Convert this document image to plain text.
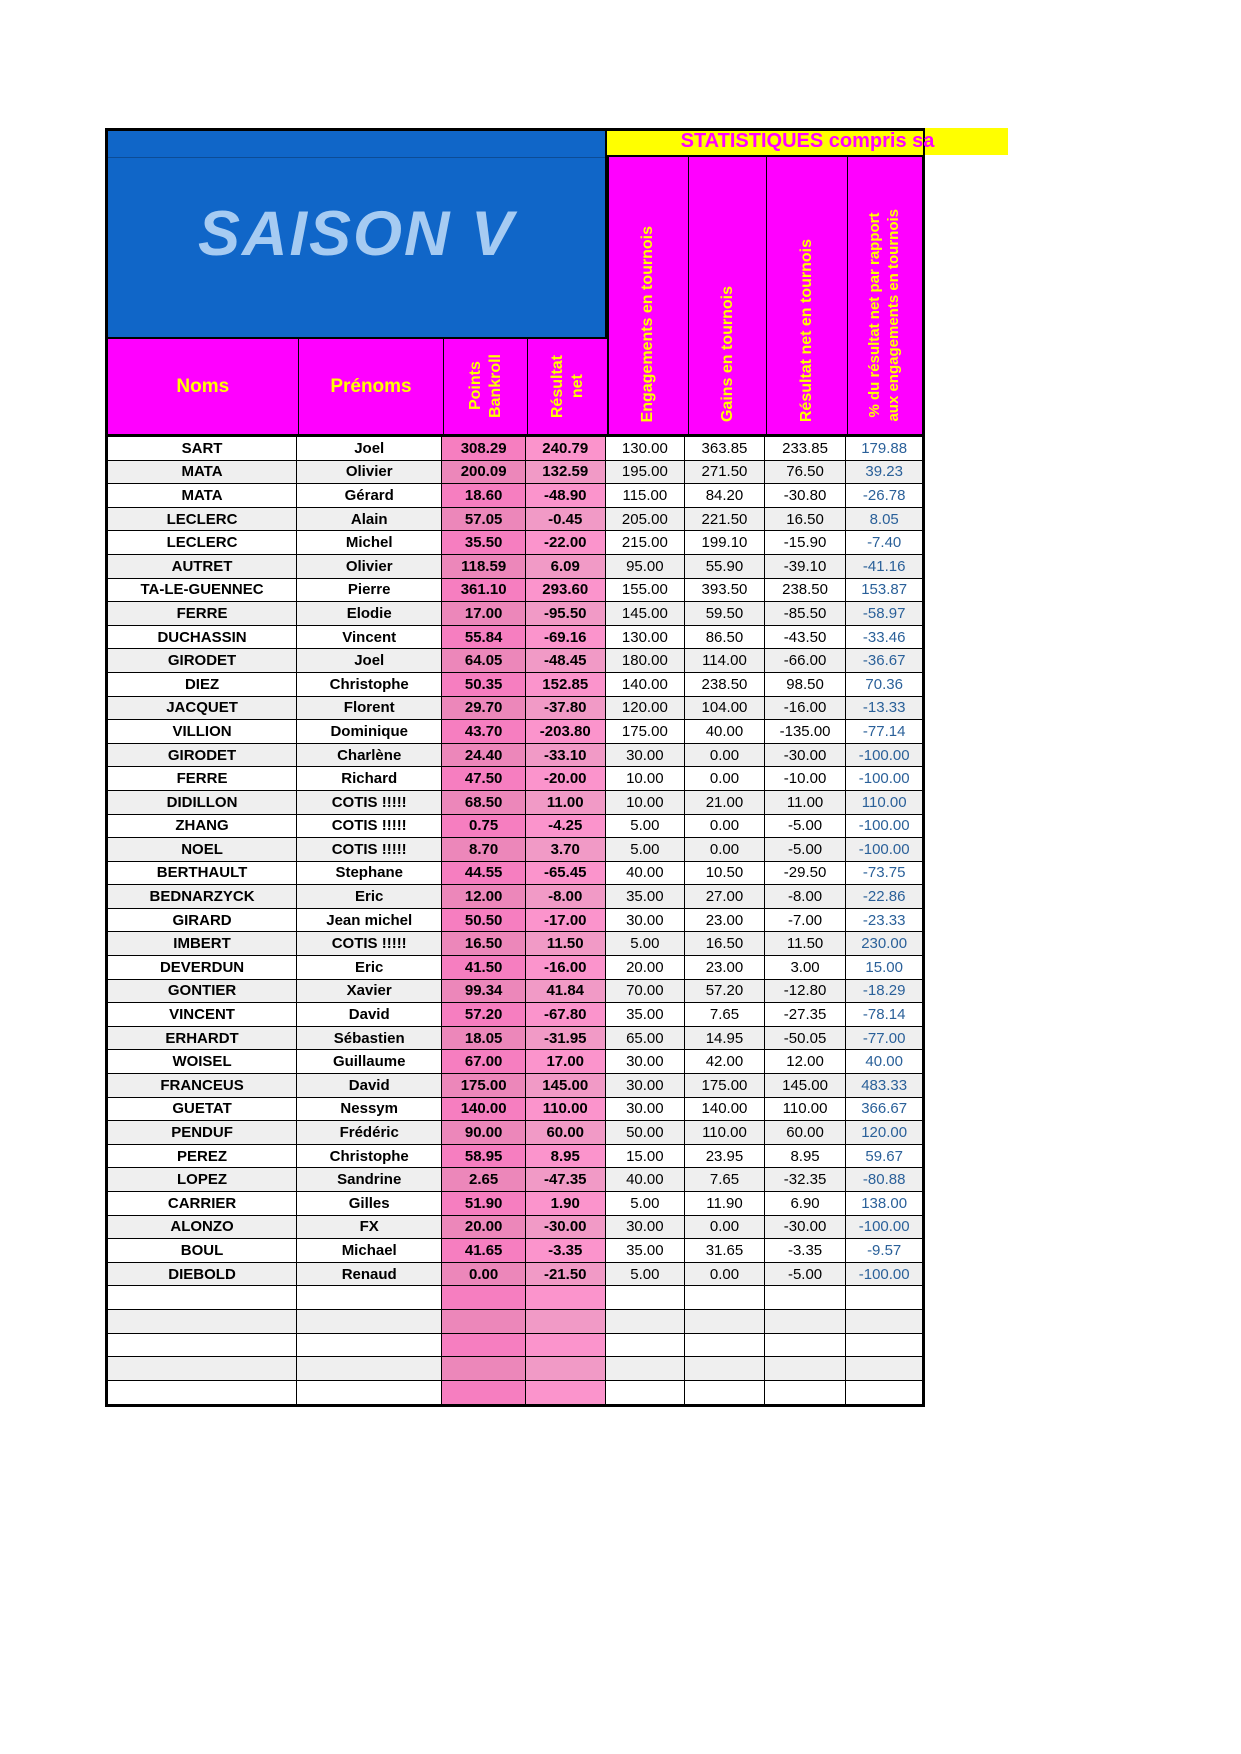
SAISON V
STATISTIQUES compris sa
Engagements en tournois	Gains en tournois	Résultat net en tournois	% du résultat net par rapport aux engagements en tournois
Noms	Prénoms	Points Bankroll	Résultat net
SART	Joel	308.29	240.79	130.00	363.85	233.85	179.88
MATA	Olivier	200.09	132.59	195.00	271.50	76.50	39.23
MATA	Gérard	18.60	-48.90	115.00	84.20	-30.80	-26.78
LECLERC	Alain	57.05	-0.45	205.00	221.50	16.50	8.05
LECLERC	Michel	35.50	-22.00	215.00	199.10	-15.90	-7.40
AUTRET	Olivier	118.59	6.09	95.00	55.90	-39.10	-41.16
TA-LE-GUENNEC	Pierre	361.10	293.60	155.00	393.50	238.50	153.87
FERRE	Elodie	17.00	-95.50	145.00	59.50	-85.50	-58.97
DUCHASSIN	Vincent	55.84	-69.16	130.00	86.50	-43.50	-33.46
GIRODET	Joel	64.05	-48.45	180.00	114.00	-66.00	-36.67
DIEZ	Christophe	50.35	152.85	140.00	238.50	98.50	70.36
JACQUET	Florent	29.70	-37.80	120.00	104.00	-16.00	-13.33
VILLION	Dominique	43.70	-203.80	175.00	40.00	-135.00	-77.14
GIRODET	Charlène	24.40	-33.10	30.00	0.00	-30.00	-100.00
FERRE	Richard	47.50	-20.00	10.00	0.00	-10.00	-100.00
DIDILLON	COTIS !!!!!	68.50	11.00	10.00	21.00	11.00	110.00
ZHANG	COTIS !!!!!	0.75	-4.25	5.00	0.00	-5.00	-100.00
NOEL	COTIS !!!!!	8.70	3.70	5.00	0.00	-5.00	-100.00
BERTHAULT	Stephane	44.55	-65.45	40.00	10.50	-29.50	-73.75
BEDNARZYCK	Eric	12.00	-8.00	35.00	27.00	-8.00	-22.86
GIRARD	Jean michel	50.50	-17.00	30.00	23.00	-7.00	-23.33
IMBERT	COTIS !!!!!	16.50	11.50	5.00	16.50	11.50	230.00
DEVERDUN	Eric	41.50	-16.00	20.00	23.00	3.00	15.00
GONTIER	Xavier	99.34	41.84	70.00	57.20	-12.80	-18.29
VINCENT	David	57.20	-67.80	35.00	7.65	-27.35	-78.14
ERHARDT	Sébastien	18.05	-31.95	65.00	14.95	-50.05	-77.00
WOISEL	Guillaume	67.00	17.00	30.00	42.00	12.00	40.00
FRANCEUS	David	175.00	145.00	30.00	175.00	145.00	483.33
GUETAT	Nessym	140.00	110.00	30.00	140.00	110.00	366.67
PENDUF	Frédéric	90.00	60.00	50.00	110.00	60.00	120.00
PEREZ	Christophe	58.95	8.95	15.00	23.95	8.95	59.67
LOPEZ	Sandrine	2.65	-47.35	40.00	7.65	-32.35	-80.88
CARRIER	Gilles	51.90	1.90	5.00	11.90	6.90	138.00
ALONZO	FX	20.00	-30.00	30.00	0.00	-30.00	-100.00
BOUL	Michael	41.65	-3.35	35.00	31.65	-3.35	-9.57
DIEBOLD	Renaud	0.00	-21.50	5.00	0.00	-5.00	-100.00
